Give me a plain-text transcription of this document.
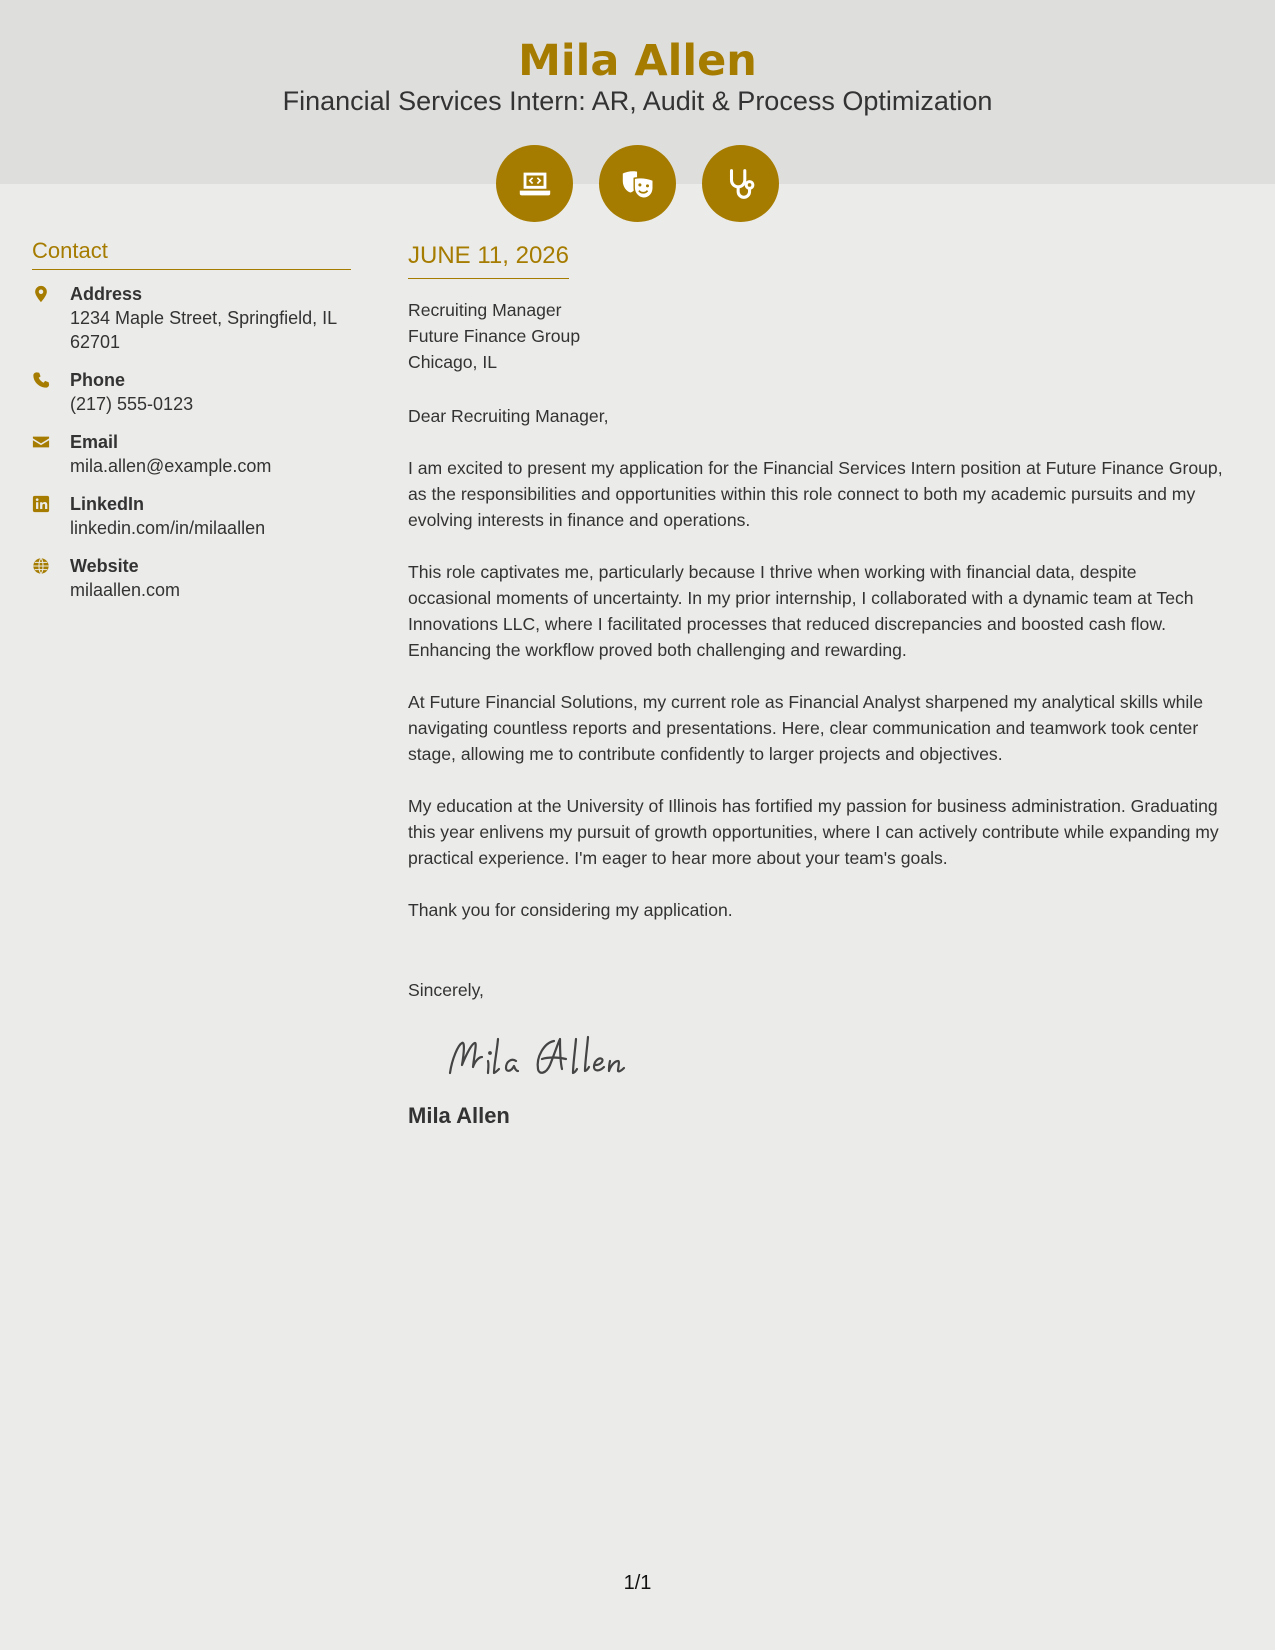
Mila Allen
Financial Services Intern: AR, Audit & Process Optimization
Contact
Address
1234 Maple Street, Springfield, IL 62701
Phone
(217) 555-0123
Email
mila.allen@example.com
LinkedIn
linkedin.com/in/milaallen
Website
milaallen.com
JUNE 11, 2026
Recruiting Manager
Future Finance Group
Chicago, IL
Dear Recruiting Manager,
I am excited to present my application for the Financial Services Intern position at Future Finance Group, as the responsibilities and opportunities within this role connect to both my academic pursuits and my evolving interests in finance and operations.
This role captivates me, particularly because I thrive when working with financial data, despite occasional moments of uncertainty. In my prior internship, I collaborated with a dynamic team at Tech Innovations LLC, where I facilitated processes that reduced discrepancies and boosted cash flow. Enhancing the workflow proved both challenging and rewarding.
At Future Financial Solutions, my current role as Financial Analyst sharpened my analytical skills while navigating countless reports and presentations. Here, clear communication and teamwork took center stage, allowing me to contribute confidently to larger projects and objectives.
My education at the University of Illinois has fortified my passion for business administration. Graduating this year enlivens my pursuit of growth opportunities, where I can actively contribute while expanding my practical experience. I'm eager to hear more about your team's goals.
Thank you for considering my application.
Sincerely,
Mila Allen
1/1
